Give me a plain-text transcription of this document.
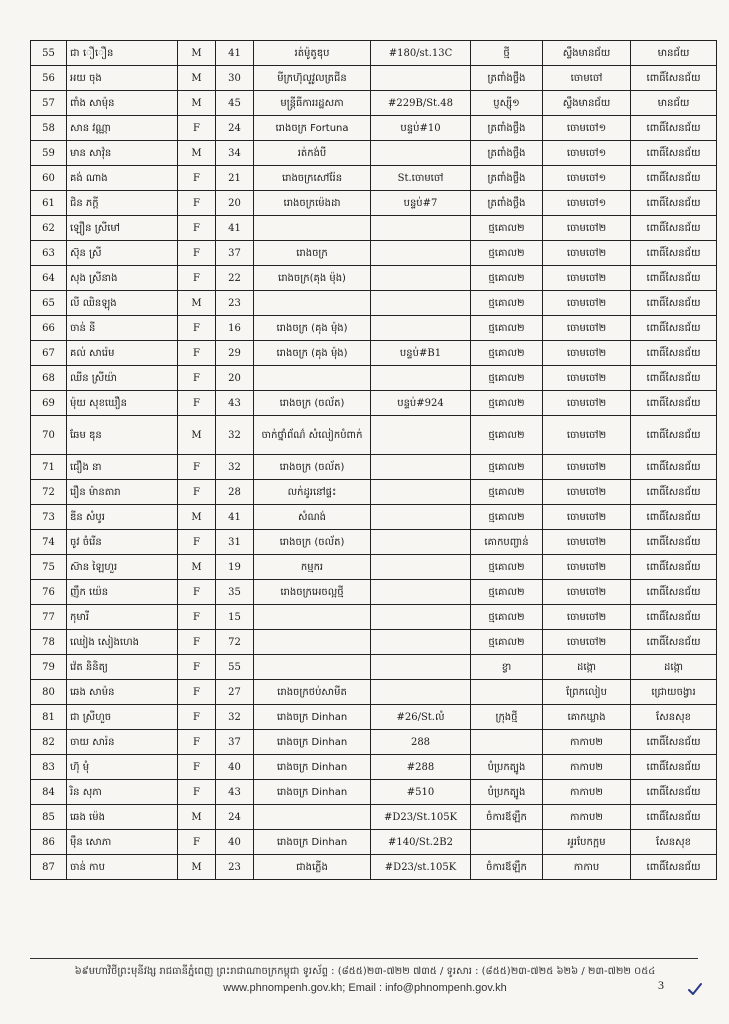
55	ជា ឿឿន	M	41	រត់ម៉ូតូឌុប	#180/st.13C	ថ្មី	ស្ទឹងមានជ័យ	មានជ័យ
56	អយ ចុង	M	30	មីក្រហ៊ុលូវូលត្រជីន		ត្រពាំងថ្លឹង	ចោមចៅ	ពោធិ៍សែនជ័យ
57	ពាំង សាម៉ុន	M	45	មន្ត្រីធីការរដ្ឋសភា	#229B/St.48	ប្ញស្ស៊ី១	ស្ទឹងមានជ័យ	មានជ័យ
58	សាន វណ្ណា	F	24	រោងចក្រ Fortuna	បន្ទប់#10	ត្រពាំងថ្លឹង	ចោមចៅ១	ពោធិ៍សែនជ័យ
59	មាន សាវ៉ុន	M	34	រត់កង់បី		ត្រពាំងថ្លឹង	ចោមចៅ១	ពោធិ៍សែនជ័យ
60	គង់ ណាង	F	21	រោងចក្រសៅរ៉ែន	St.ចោមចៅ	ត្រពាំងថ្លឹង	ចោមចៅ១	ពោធិ៍សែនជ័យ
61	ជិន ភក្តី	F	20	រោងចក្រម៉េងដា	បន្ទប់#7	ត្រពាំងថ្លឹង	ចោមចៅ១	ពោធិ៍សែនជ័យ
62	ឡឿន ស្រីមៅ	F	41			ថ្មគោល២	ចោមចៅ២	ពោធិ៍សែនជ័យ
63	ស៊ុន ស្រី	F	37	រោងចក្រ		ថ្មគោល២	ចោមចៅ២	ពោធិ៍សែនជ័យ
64	សុង ស្រីនាង	F	22	រោងចក្រ(គុង ម៉ុង)		ថ្មគោល២	ចោមចៅ២	ពោធិ៍សែនជ័យ
65	លី ឈិនឡុង	M	23			ថ្មគោល២	ចោមចៅ២	ពោធិ៍សែនជ័យ
66	ចាន់ នី	F	16	រោងចក្រ (គុង ម៉ុង)		ថ្មគោល២	ចោមចៅ២	ពោធិ៍សែនជ័យ
67	គល់ សារ៉េម	F	29	រោងចក្រ (គុង ម៉ុង)	បន្ទប់#B1	ថ្មគោល២	ចោមចៅ២	ពោធិ៍សែនជ័យ
68	ឈីន ស្រីយ៉ា	F	20			ថ្មគោល២	ចោមចៅ២	ពោធិ៍សែនជ័យ
69	ម៉ុយ សុខឃឿន	F	43	រោងចក្រ (ចល័ត)	បន្ទប់#924	ថ្មគោល២	ចោមចៅ២	ពោធិ៍សែនជ័យ
70	ឆែម ឌុន	M	32	ចាក់ថ្នាំព័ណ៌ សំលៀកបំពាក់		ថ្មគោល២	ចោមចៅ២	ពោធិ៍សែនជ័យ
71	ជឿង នា	F	32	រោងចក្រ (ចល័ត)		ថ្មគោល២	ចោមចៅ២	ពោធិ៍សែនជ័យ
72	រឿន ម៉ានតារា	F	28	លក់ដូរនៅផ្ទះ		ថ្មគោល២	ចោមចៅ២	ពោធិ៍សែនជ័យ
73	ឌីន សំបូរ	M	41	សំណង់		ថ្មគោល២	ចោមចៅ២	ពោធិ៍សែនជ័យ
74	ចូវ ចំរើន	F	31	រោងចក្រ (ចល័ត)		គោកបញ្ចាន់	ចោមចៅ២	ពោធិ៍សែនជ័យ
75	ស៊ាន ឡៃហួរ	M	19	កម្មករ		ថ្មគោល២	ចោមចៅ២	ពោធិ៍សែនជ័យ
76	ញឹក យ៉េន	F	35	រោងចក្រអេចល្អថ្មី		ថ្មគោល២	ចោមចៅ២	ពោធិ៍សែនជ័យ
77	កុមារី	F	15			ថ្មគោល២	ចោមចៅ២	ពោធិ៍សែនជ័យ
78	ឈៀង សៀងហេង	F	72			ថ្មគោល២	ចោមចៅ២	ពោធិ៍សែនជ័យ
79	វ៉េត និនិត្យ	F	55			ខ្វា	ដង្កោ	ដង្កោ
80	ឆេង សាម៉ន	F	27	រោងចក្រថប់សាមីត			ព្រែកលៀប	ជ្រោយចង្វារ
81	ជា ស្រីហួច	F	32	រោងចក្រ Dinhan	#26/St.លំ	ក្រុងថ្មី	គោកឃ្លាង	សែនសុខ
82	ចាយ សារ៉ន	F	37	រោងចក្រ Dinhan	288		កាកាប២	ពោធិ៍សែនជ័យ
83	ហ៊ុ មុំ	F	40	រោងចក្រ Dinhan	#288	បំប្រកត្បូង	កាកាប២	ពោធិ៍សែនជ័យ
84	រិន សុភា	F	43	រោងចក្រ Dinhan	#510	បំប្រកត្បូង	កាកាប២	ពោធិ៍សែនជ័យ
85	ឆេង ម៉េង	M	24		#D23/St.105K	ចំការឪឡឹក	កាកាប២	ពោធិ៍សែនជ័យ
86	ម៉ឹន សោភា	F	40	រោងចក្រ Dinhan	#140/St.2B2		អូរបែកក្អម	សែនសុខ
87	ចាន់ កាប	M	23	ជាងភ្លើង	#D23/st.105K	ចំការឪឡឹក	កាកាប	ពោធិ៍សែនជ័យ
៦៩មហាវិថីព្រះមុនីវង្ស រាជធានីភ្នំពេញ ព្រះរាជាណាចក្រកម្ពុជា ទូរស័ព្ទ : (៨៥៥)២៣-៧២២ ៧៣៥ / ទូរសារ : (៨៥៥)២៣-៧២៥ ៦២៦ / ២៣-៧២២ ០៥៤
www.phnompenh.gov.kh; Email : info@phnompenh.gov.kh	3
